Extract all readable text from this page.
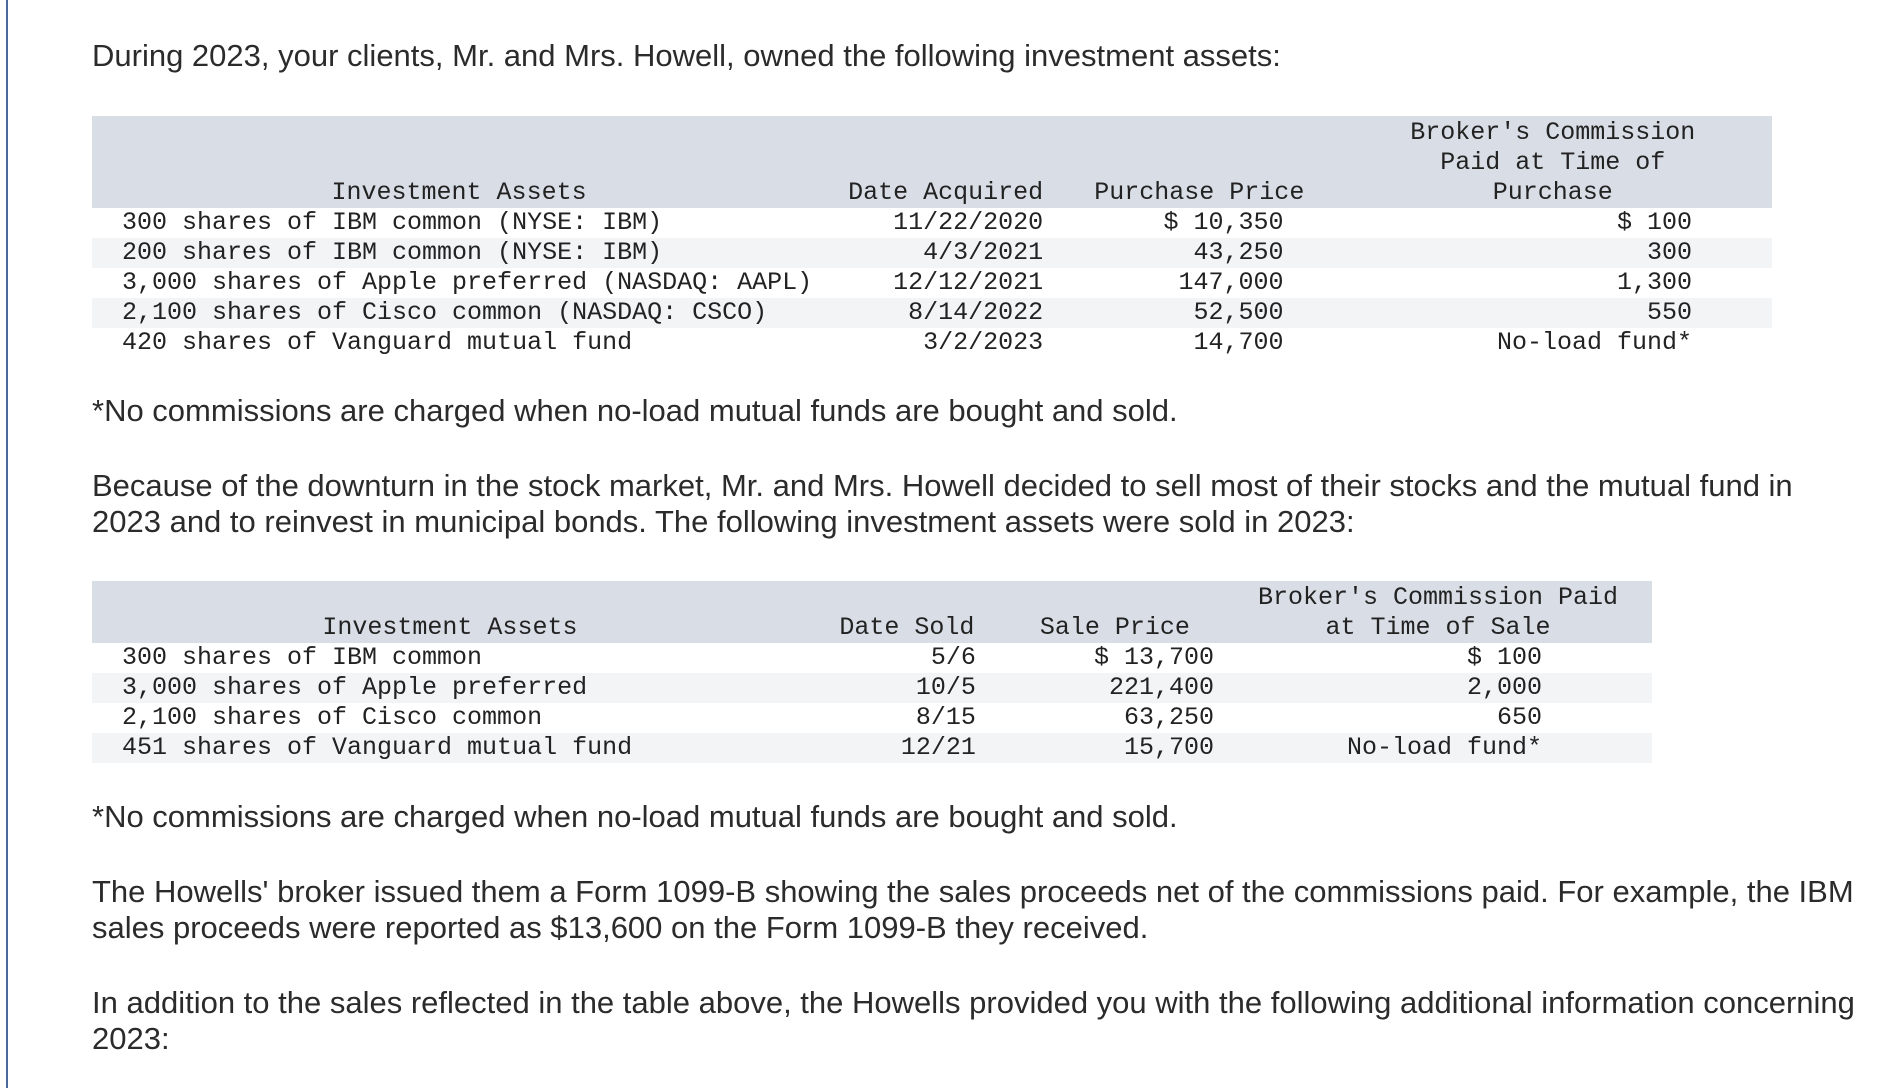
During 2023, your clients, Mr. and Mrs. Howell, owned the following investment assets:

Investment Assets	Date Acquired	Purchase Price	Broker's Commission Paid at Time of Purchase

300 shares of IBM common (NYSE: IBM)	11/22/2020	$ 10,350	$ 100
200 shares of IBM common (NYSE: IBM)	4/3/2021	43,250	300
3,000 shares of Apple preferred (NASDAQ: AAPL)	12/12/2021	147,000	1,300
2,100 shares of Cisco common (NASDAQ: CSCO)	8/14/2022	52,500	550
420 shares of Vanguard mutual fund	3/2/2023	14,700	No-load fund*

*No commissions are charged when no-load mutual funds are bought and sold.

Because of the downturn in the stock market, Mr. and Mrs. Howell decided to sell most of their stocks and the mutual fund in 2023 and to reinvest in municipal bonds. The following investment assets were sold in 2023:

Investment Assets	Date Sold	Sale Price	Broker's Commission Paid at Time of Sale

300 shares of IBM common	5/6	$ 13,700	$ 100
3,000 shares of Apple preferred	10/5	221,400	2,000
2,100 shares of Cisco common	8/15	63,250	650
451 shares of Vanguard mutual fund	12/21	15,700	No-load fund*

*No commissions are charged when no-load mutual funds are bought and sold.

The Howells' broker issued them a Form 1099-B showing the sales proceeds net of the commissions paid. For example, the IBM sales proceeds were reported as $13,600 on the Form 1099-B they received.

In addition to the sales reflected in the table above, the Howells provided you with the following additional information concerning 2023:
